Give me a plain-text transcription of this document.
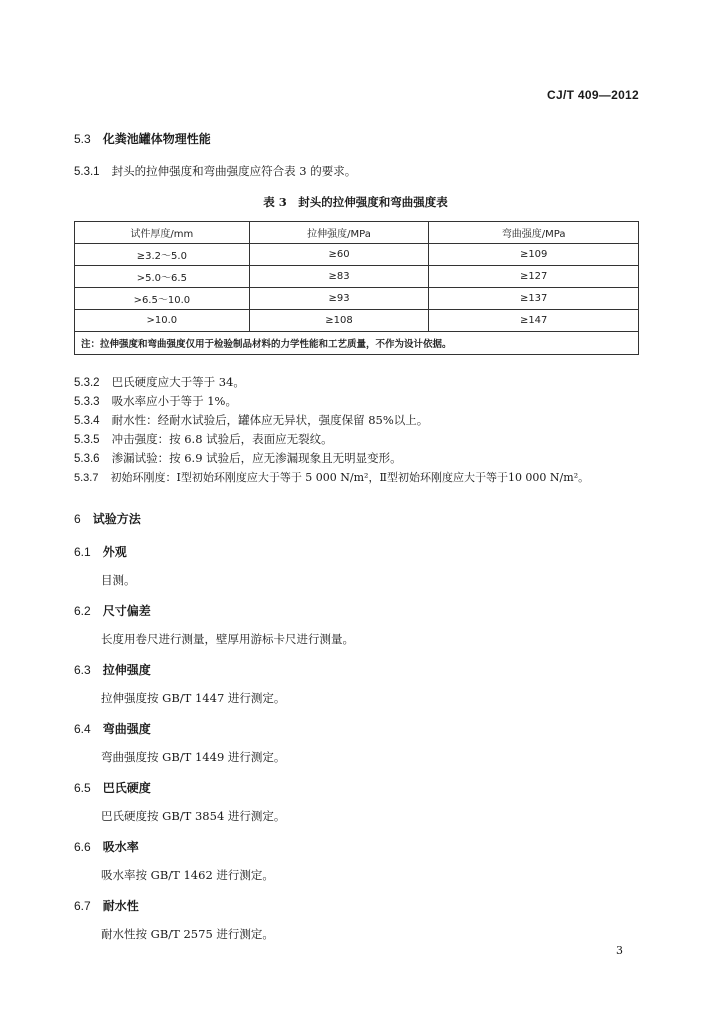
CJ/T 409—2012
5.3 化粪池罐体物理性能
5.3.1 封头的拉伸强度和弯曲强度应符合表 3 的要求。
表 3　封头的拉伸强度和弯曲强度表
试件厚度/mm	拉伸强度/MPa	弯曲强度/MPa
≥3.2～5.0	≥60	≥109
>5.0～6.5	≥83	≥127
>6.5～10.0	≥93	≥137
>10.0	≥108	≥147
注：拉伸强度和弯曲强度仅用于检验制品材料的力学性能和工艺质量，不作为设计依据。		
5.3.2 巴氏硬度应大于等于 34。
5.3.3 吸水率应小于等于 1%。
5.3.4 耐水性：经耐水试验后，罐体应无异状，强度保留 85%以上。
5.3.5 冲击强度：按 6.8 试验后，表面应无裂纹。
5.3.6 渗漏试验：按 6.9 试验后，应无渗漏现象且无明显变形。
5.3.7 初始环刚度：Ⅰ型初始环刚度应大于等于 5 000 N/m²，Ⅱ型初始环刚度应大于等于10 000 N/m²。
6 试验方法
6.1 外观
目测。
6.2 尺寸偏差
长度用卷尺进行测量，壁厚用游标卡尺进行测量。
6.3 拉伸强度
拉伸强度按 GB/T 1447 进行测定。
6.4 弯曲强度
弯曲强度按 GB/T 1449 进行测定。
6.5 巴氏硬度
巴氏硬度按 GB/T 3854 进行测定。
6.6 吸水率
吸水率按 GB/T 1462 进行测定。
6.7 耐水性
耐水性按 GB/T 2575 进行测定。
3
